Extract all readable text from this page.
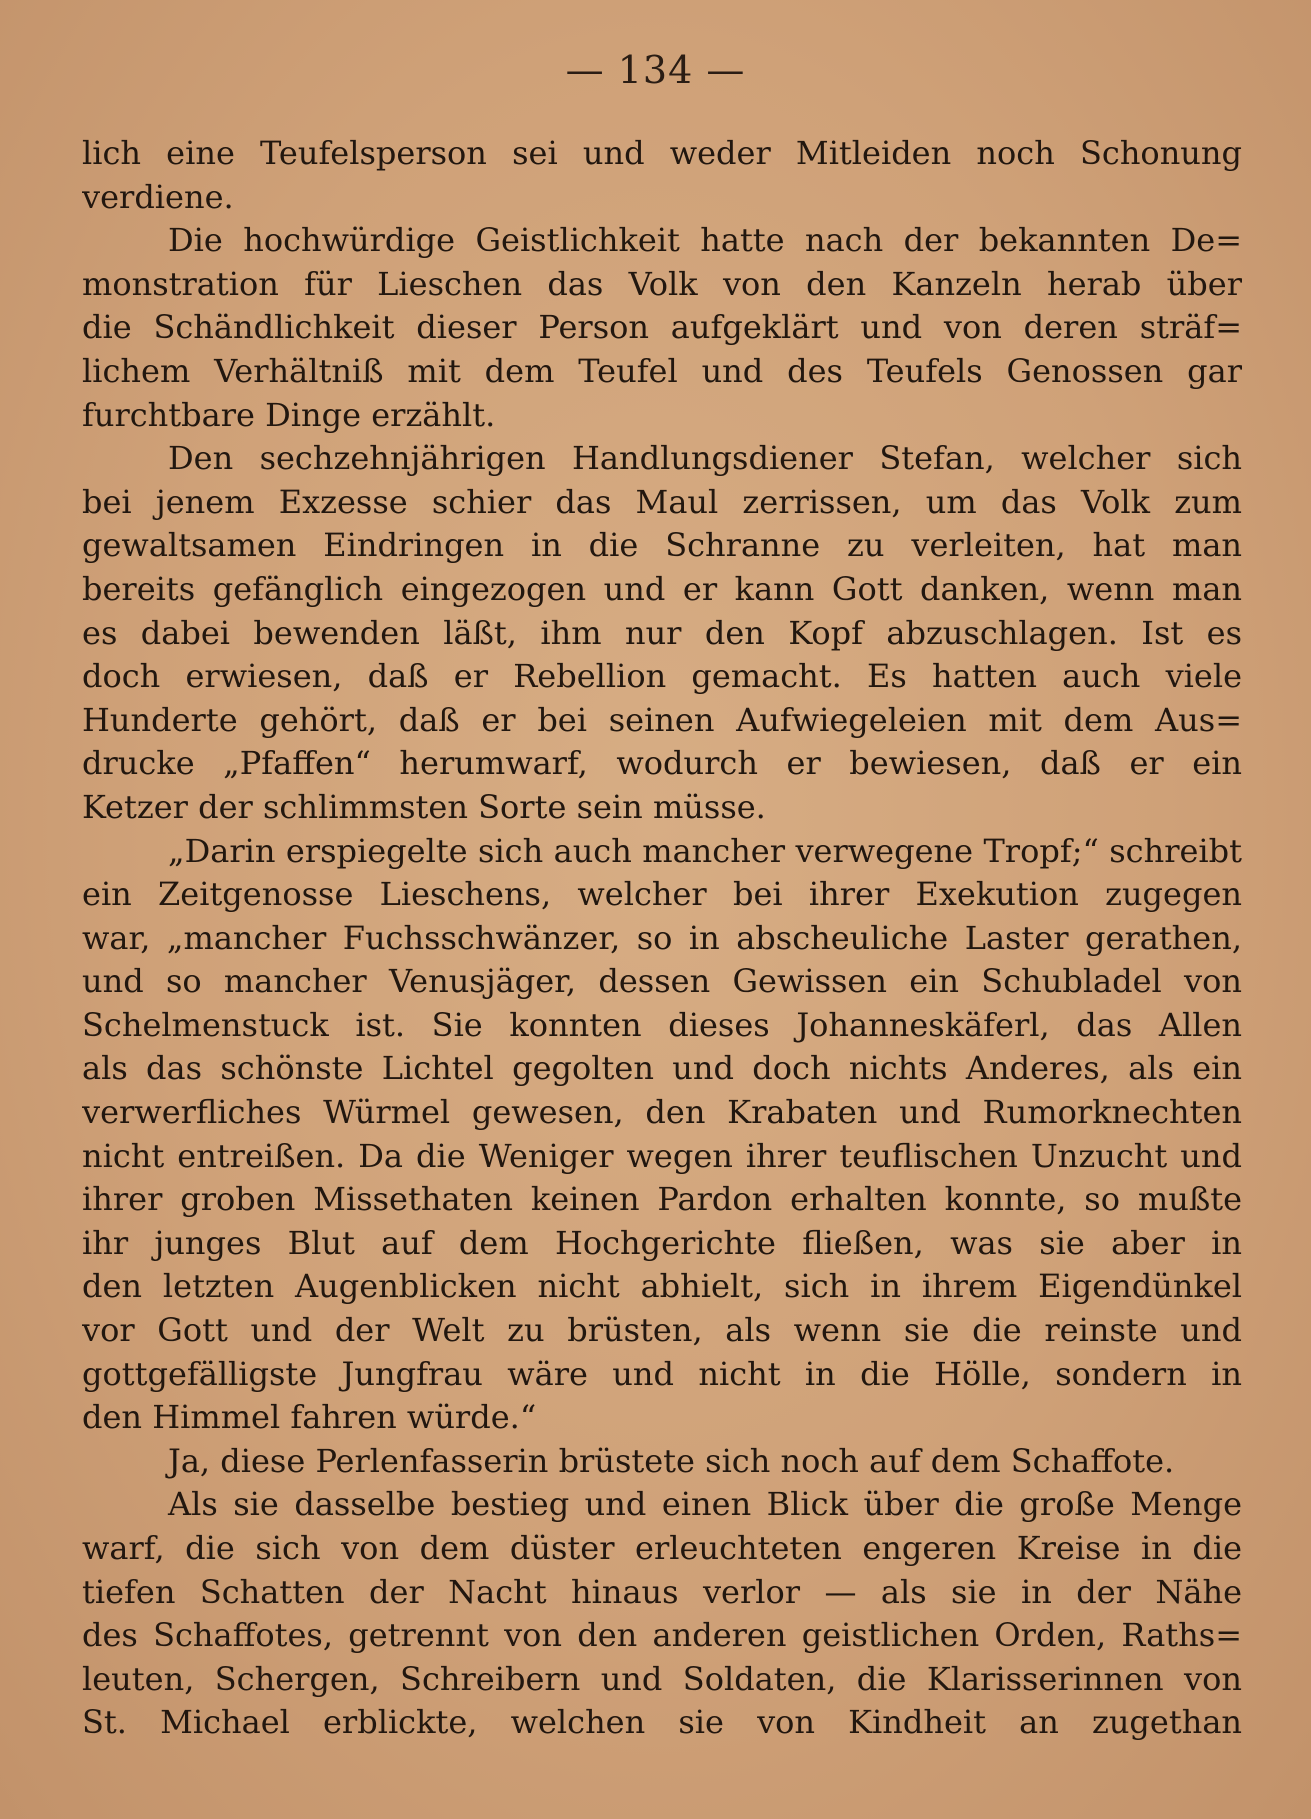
— 134 —
lich eine Teufelsperson sei und weder Mitleiden noch Schonung
verdiene.
Die hochwürdige Geistlichkeit hatte nach der bekannten De=
monstration für Lieschen das Volk von den Kanzeln herab über
die Schändlichkeit dieser Person aufgeklärt und von deren sträf=
lichem Verhältniß mit dem Teufel und des Teufels Genossen gar
furchtbare Dinge erzählt.
Den sechzehnjährigen Handlungsdiener Stefan, welcher sich
bei jenem Exzesse schier das Maul zerrissen, um das Volk zum
gewaltsamen Eindringen in die Schranne zu verleiten, hat man
bereits gefänglich eingezogen und er kann Gott danken, wenn man
es dabei bewenden läßt, ihm nur den Kopf abzuschlagen. Ist es
doch erwiesen, daß er Rebellion gemacht. Es hatten auch viele
Hunderte gehört, daß er bei seinen Aufwiegeleien mit dem Aus=
drucke „Pfaffen“ herumwarf, wodurch er bewiesen, daß er ein
Ketzer der schlimmsten Sorte sein müsse.
„Darin erspiegelte sich auch mancher verwegene Tropf;“ schreibt
ein Zeitgenosse Lieschens, welcher bei ihrer Exekution zugegen
war, „mancher Fuchsschwänzer, so in abscheuliche Laster gerathen,
und so mancher Venusjäger, dessen Gewissen ein Schubladel von
Schelmenstuck ist. Sie konnten dieses Johanneskäferl, das Allen
als das schönste Lichtel gegolten und doch nichts Anderes, als ein
verwerfliches Würmel gewesen, den Krabaten und Rumorknechten
nicht entreißen. Da die Weniger wegen ihrer teuflischen Unzucht und
ihrer groben Missethaten keinen Pardon erhalten konnte, so mußte
ihr junges Blut auf dem Hochgerichte fließen, was sie aber in
den letzten Augenblicken nicht abhielt, sich in ihrem Eigendünkel
vor Gott und der Welt zu brüsten, als wenn sie die reinste und
gottgefälligste Jungfrau wäre und nicht in die Hölle, sondern in
den Himmel fahren würde.“
Ja, diese Perlenfasserin brüstete sich noch auf dem Schaffote.
Als sie dasselbe bestieg und einen Blick über die große Menge
warf, die sich von dem düster erleuchteten engeren Kreise in die
tiefen Schatten der Nacht hinaus verlor — als sie in der Nähe
des Schaffotes, getrennt von den anderen geistlichen Orden, Raths=
leuten, Schergen, Schreibern und Soldaten, die Klarisserinnen von
St. Michael erblickte, welchen sie von Kindheit an zugethan
